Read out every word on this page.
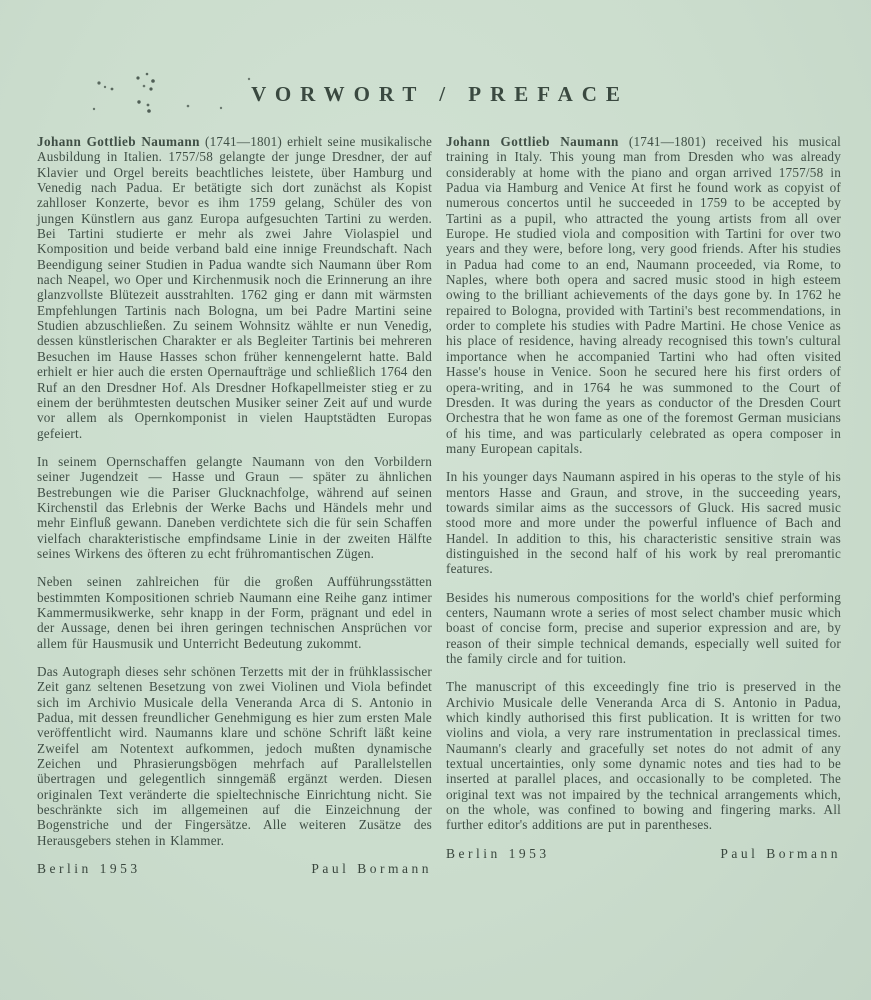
VORWORT / PREFACE

Johann Gottlieb Naumann (1741—1801) erhielt seine musikalische Ausbildung in Italien. 1757/58 gelangte der junge Dresdner, der auf Klavier und Orgel bereits beachtliches leistete, über Hamburg und Venedig nach Padua. Er betätigte sich dort zunächst als Kopist zahlloser Konzerte, bevor es ihm 1759 gelang, Schüler des von jungen Künstlern aus ganz Europa aufgesuchten Tartini zu werden. Bei Tartini studierte er mehr als zwei Jahre Violaspiel und Komposition und beide verband bald eine innige Freundschaft. Nach Beendigung seiner Studien in Padua wandte sich Naumann über Rom nach Neapel, wo Oper und Kirchenmusik noch die Erinnerung an ihre glanzvollste Blütezeit ausstrahlten. 1762 ging er dann mit wärmsten Empfehlungen Tartinis nach Bologna, um bei Padre Martini seine Studien abzuschließen. Zu seinem Wohnsitz wählte er nun Venedig, dessen künstlerischen Charakter er als Begleiter Tartinis bei mehreren Besuchen im Hause Hasses schon früher kennengelernt hatte. Bald erhielt er hier auch die ersten Opernaufträge und schließlich 1764 den Ruf an den Dresdner Hof. Als Dresdner Hofkapellmeister stieg er zu einem der berühmtesten deutschen Musiker seiner Zeit auf und wurde vor allem als Opernkomponist in vielen Hauptstädten Europas gefeiert.

In seinem Opernschaffen gelangte Naumann von den Vorbildern seiner Jugendzeit — Hasse und Graun — später zu ähnlichen Bestrebungen wie die Pariser Glucknachfolge, während auf seinen Kirchenstil das Erlebnis der Werke Bachs und Händels mehr und mehr Einfluß gewann. Daneben verdichtete sich die für sein Schaffen vielfach charakteristische empfindsame Linie in der zweiten Hälfte seines Wirkens des öfteren zu echt frühromantischen Zügen.

Neben seinen zahlreichen für die großen Aufführungsstätten bestimmten Kompositionen schrieb Naumann eine Reihe ganz intimer Kammermusikwerke, sehr knapp in der Form, prägnant und edel in der Aussage, denen bei ihren geringen technischen Ansprüchen vor allem für Hausmusik und Unterricht Bedeutung zukommt.

Das Autograph dieses sehr schönen Terzetts mit der in frühklassischer Zeit ganz seltenen Besetzung von zwei Violinen und Viola befindet sich im Archivio Musicale della Veneranda Arca di S. Antonio in Padua, mit dessen freundlicher Genehmigung es hier zum ersten Male veröffentlicht wird. Naumanns klare und schöne Schrift läßt keine Zweifel am Notentext aufkommen, jedoch mußten dynamische Zeichen und Phrasierungsbögen mehrfach auf Parallelstellen übertragen und gelegentlich sinngemäß ergänzt werden. Diesen originalen Text veränderte die spieltechnische Einrichtung nicht. Sie beschränkte sich im allgemeinen auf die Einzeichnung der Bogenstriche und der Fingersätze. Alle weiteren Zusätze des Herausgebers stehen in Klammer.

Berlin 1953	Paul Bormann

Johann Gottlieb Naumann (1741—1801) received his musical training in Italy. This young man from Dresden who was already considerably at home with the piano and organ arrived 1757/58 in Padua via Hamburg and Venice At first he found work as copyist of numerous concertos until he succeeded in 1759 to be accepted by Tartini as a pupil, who attracted the young artists from all over Europe. He studied viola and composition with Tartini for over two years and they were, before long, very good friends. After his studies in Padua had come to an end, Naumann proceeded, via Rome, to Naples, where both opera and sacred music stood in high esteem owing to the brilliant achievements of the days gone by. In 1762 he repaired to Bologna, provided with Tartini's best recommendations, in order to complete his studies with Padre Martini. He chose Venice as his place of residence, having already recognised this town's cultural importance when he accompanied Tartini who had often visited Hasse's house in Venice. Soon he secured here his first orders of opera-writing, and in 1764 he was summoned to the Court of Dresden. It was during the years as conductor of the Dresden Court Orchestra that he won fame as one of the foremost German musicians of his time, and was particularly celebrated as opera composer in many European capitals.

In his younger days Naumann aspired in his operas to the style of his mentors Hasse and Graun, and strove, in the succeeding years, towards similar aims as the successors of Gluck. His sacred music stood more and more under the powerful influence of Bach and Handel. In addition to this, his characteristic sensitive strain was distinguished in the second half of his work by real preromantic features.

Besides his numerous compositions for the world's chief performing centers, Naumann wrote a series of most select chamber music which boast of concise form, precise and superior expression and are, by reason of their simple technical demands, especially well suited for the family circle and for tuition.

The manuscript of this exceedingly fine trio is preserved in the Archivio Musicale delle Veneranda Arca di S. Antonio in Padua, which kindly authorised this first publication. It is written for two violins and viola, a very rare instrumentation in preclassical times. Naumann's clearly and gracefully set notes do not admit of any textual uncertainties, only some dynamic notes and ties had to be inserted at parallel places, and occasionally to be completed. The original text was not impaired by the technical arrangements which, on the whole, was confined to bowing and fingering marks. All further editor's additions are put in parentheses.

Berlin 1953	Paul Bormann
